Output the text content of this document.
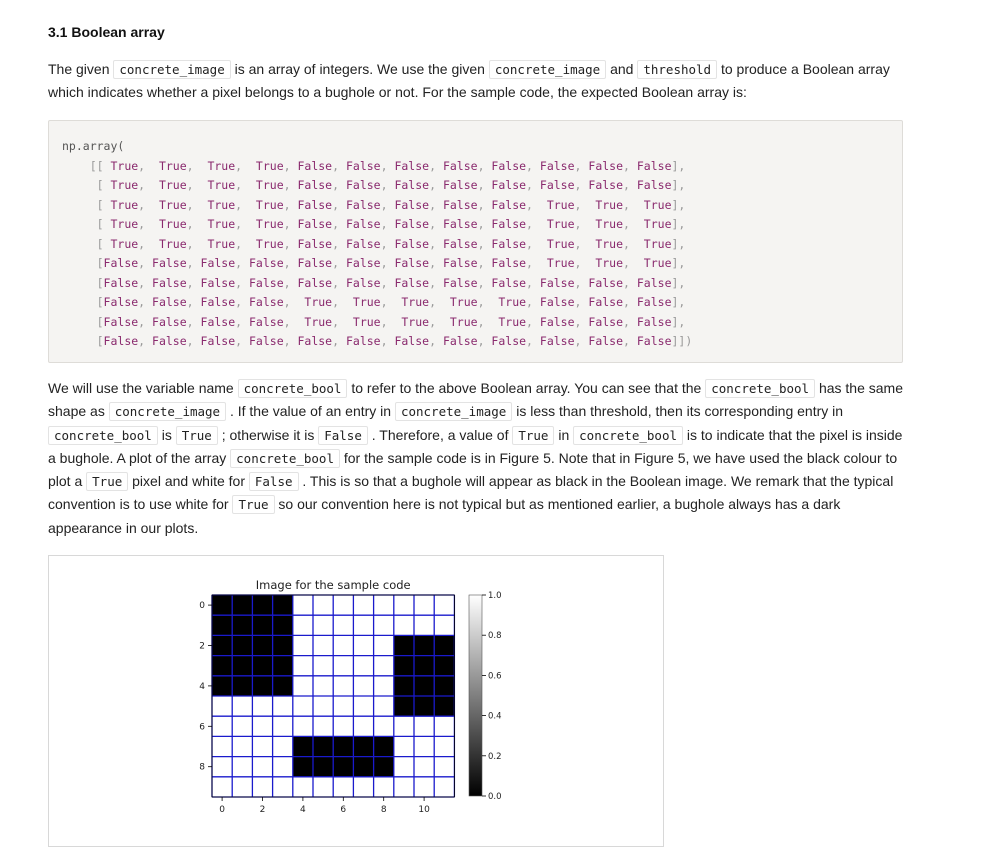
3.1 Boolean array

The given concrete_image is an array of integers. We use the given concrete_image and threshold to produce a Boolean array which indicates whether a pixel belongs to a bughole or not. For the sample code, the expected Boolean array is:

np.array(
[[ True,  True,  True,  True, False, False, False, False, False, False, False, False],
[ True,  True,  True,  True, False, False, False, False, False, False, False, False],
[ True,  True,  True,  True, False, False, False, False, False,  True,  True,  True],
[ True,  True,  True,  True, False, False, False, False, False,  True,  True,  True],
[ True,  True,  True,  True, False, False, False, False, False,  True,  True,  True],
[False, False, False, False, False, False, False, False, False,  True,  True,  True],
[False, False, False, False, False, False, False, False, False, False, False, False],
[False, False, False, False,  True,  True,  True,  True,  True, False, False, False],
[False, False, False, False,  True,  True,  True,  True,  True, False, False, False],
[False, False, False, False, False, False, False, False, False, False, False, False]])

We will use the variable name concrete_bool to refer to the above Boolean array. You can see that the concrete_bool has the same shape as concrete_image . If the value of an entry in concrete_image is less than threshold, then its corresponding entry in concrete_bool is True ; otherwise it is False . Therefore, a value of True in concrete_bool is to indicate that the pixel is inside a bughole. A plot of the array concrete_bool for the sample code is in Figure 5. Note that in Figure 5, we have used the black colour to plot a True pixel and white for False . This is so that a bughole will appear as black in the Boolean image. We remark that the typical convention is to use white for True so our convention here is not typical but as mentioned earlier, a bughole always has a dark appearance in our plots.

Image for the sample code
0	2	4	6	8	10
0
2
4
6
8
0.0
0.2
0.4
0.6
0.8
1.0
